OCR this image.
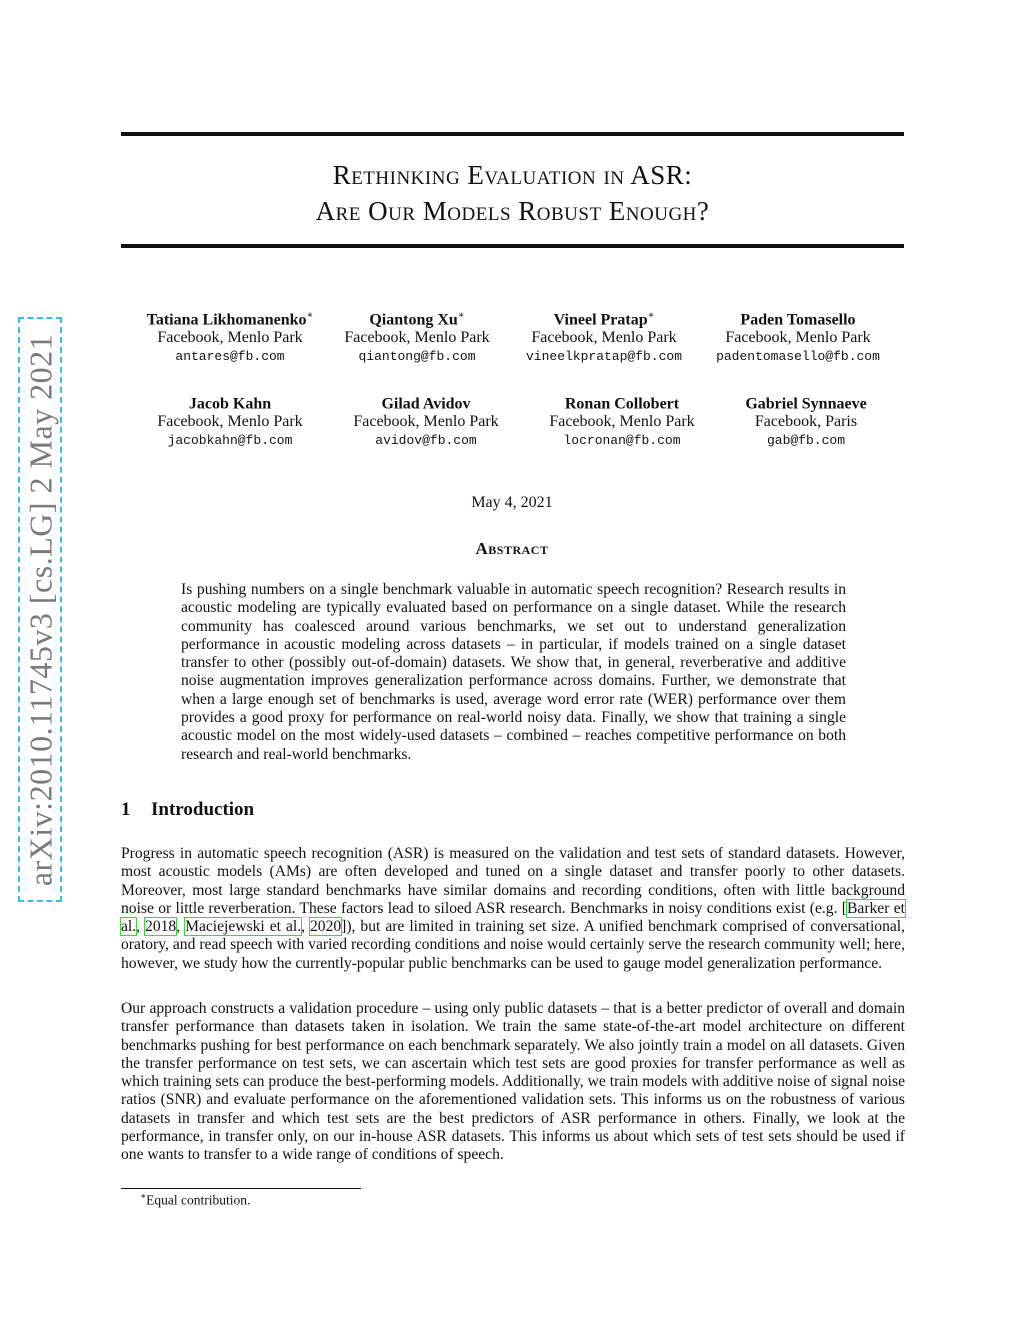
arXiv:2010.11745v3 [cs.LG] 2 May 2021
Rethinking Evaluation in ASR:
Are Our Models Robust Enough?
Tatiana Likhomanenko∗
Facebook, Menlo Park
antares@fb.com
Qiantong Xu∗
Facebook, Menlo Park
qiantong@fb.com
Vineel Pratap∗
Facebook, Menlo Park
vineelkpratap@fb.com
Paden Tomasello
Facebook, Menlo Park
padentomasello@fb.com
Jacob Kahn
Facebook, Menlo Park
jacobkahn@fb.com
Gilad Avidov
Facebook, Menlo Park
avidov@fb.com
Ronan Collobert
Facebook, Menlo Park
locronan@fb.com
Gabriel Synnaeve
Facebook, Paris
gab@fb.com
May 4, 2021
Abstract
Is pushing numbers on a single benchmark valuable in automatic speech recognition? Research results in acoustic modeling are typically evaluated based on performance on a single dataset. While the research community has coalesced around various benchmarks, we set out to understand generalization performance in acoustic modeling across datasets – in particular, if models trained on a single dataset transfer to other (possibly out-of-domain) datasets. We show that, in general, reverberative and additive noise augmentation improves generalization performance across domains. Further, we demonstrate that when a large enough set of benchmarks is used, average word error rate (WER) performance over them provides a good proxy for performance on real-world noisy data. Finally, we show that training a single acoustic model on the most widely-used datasets – combined – reaches competitive performance on both research and real-world benchmarks.
1 Introduction
Progress in automatic speech recognition (ASR) is measured on the validation and test sets of standard datasets. However, most acoustic models (AMs) are often developed and tuned on a single dataset and transfer poorly to other datasets. Moreover, most large standard benchmarks have similar domains and recording conditions, often with little background noise or little reverberation. These factors lead to siloed ASR research. Benchmarks in noisy conditions exist (e.g. [Barker et al., 2018, Maciejewski et al., 2020]), but are limited in training set size. A unified benchmark comprised of conversational, oratory, and read speech with varied recording conditions and noise would certainly serve the research community well; here, however, we study how the currently-popular public benchmarks can be used to gauge model generalization performance.
Our approach constructs a validation procedure – using only public datasets – that is a better predictor of overall and domain transfer performance than datasets taken in isolation. We train the same state-of-the-art model architecture on different benchmarks pushing for best performance on each benchmark separately. We also jointly train a model on all datasets. Given the transfer performance on test sets, we can ascertain which test sets are good proxies for transfer performance as well as which training sets can produce the best-performing models. Additionally, we train models with additive noise of signal noise ratios (SNR) and evaluate performance on the aforementioned validation sets. This informs us on the robustness of various datasets in transfer and which test sets are the best predictors of ASR performance in others. Finally, we look at the performance, in transfer only, on our in-house ASR datasets. This informs us about which sets of test sets should be used if one wants to transfer to a wide range of conditions of speech.
∗Equal contribution.
